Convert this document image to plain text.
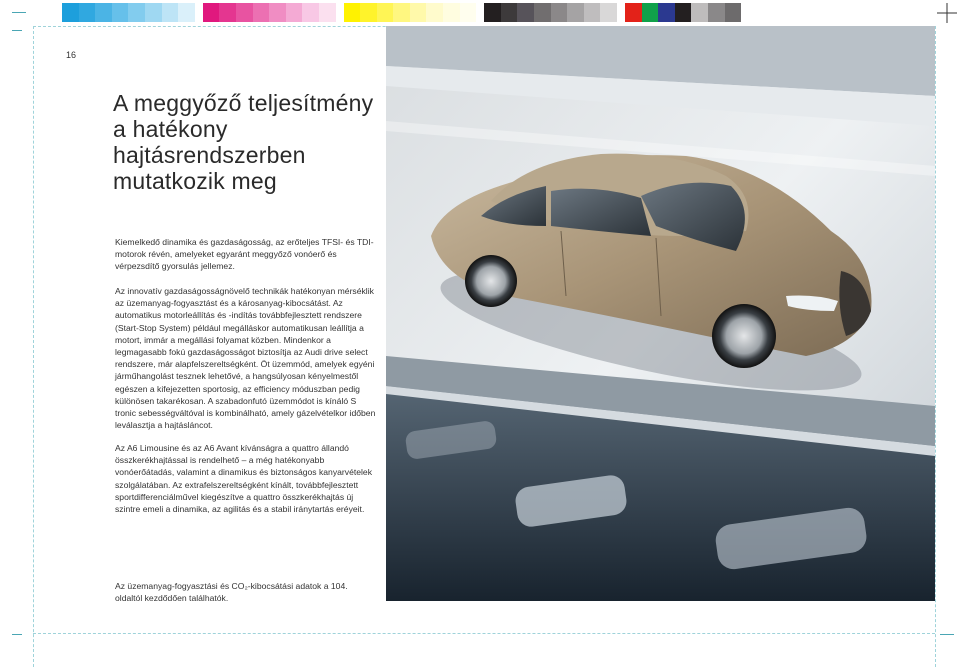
16
A meggyőző teljesítmény a hatékony hajtásrendszerben mutatkozik meg

Kiemelkedő dinamika és gazdaságosság, az erőteljes TFSI- és TDI-motorok révén, amelyeket egyaránt meggyőző vonóerő és vérpezsdítő gyorsulás jellemez.

Az innovatív gazdaságosságnövelő technikák hatékonyan mérséklik az üzemanyag-fogyasztást és a károsanyag-kibocsátást. Az automatikus motorleállítás és -indítás továbbfejlesztett rendszere (Start-Stop System) például megálláskor automatikusan leállítja a motort, immár a megállási folyamat közben. Mindenkor a legmagasabb fokú gazdaságosságot biztosítja az Audi drive select rendszere, már alapfelszereltségként. Öt üzemmód, amelyek egyéni járműhangolást tesznek lehetővé, a hangsúlyosan kényelmestől egészen a kifejezetten sportosig, az efficiency móduszban pedig különösen takarékosan. A szabadonfutó üzemmódot is kínáló S tronic sebességváltóval is kombinálható, amely gázelvételkor időben leválasztja a hajtásláncot.

Az A6 Limousine és az A6 Avant kívánságra a quattro állandó összkerékhajtással is rendelhető – a még hatékonyabb vonóerőátadás, valamint a dinamikus és biztonságos kanyarvételek szolgálatában. Az extrafelszereltségként kínált, továbbfejlesztett sportdifferenciálművel kiegészítve a quattro összkerékhajtás új szintre emeli a dinamika, az agilitás és a stabil iránytartás eréyeit.

Az üzemanyag-fogyasztási és CO₂-kibocsátási adatok a 104. oldaltól kezdődően találhatók.
